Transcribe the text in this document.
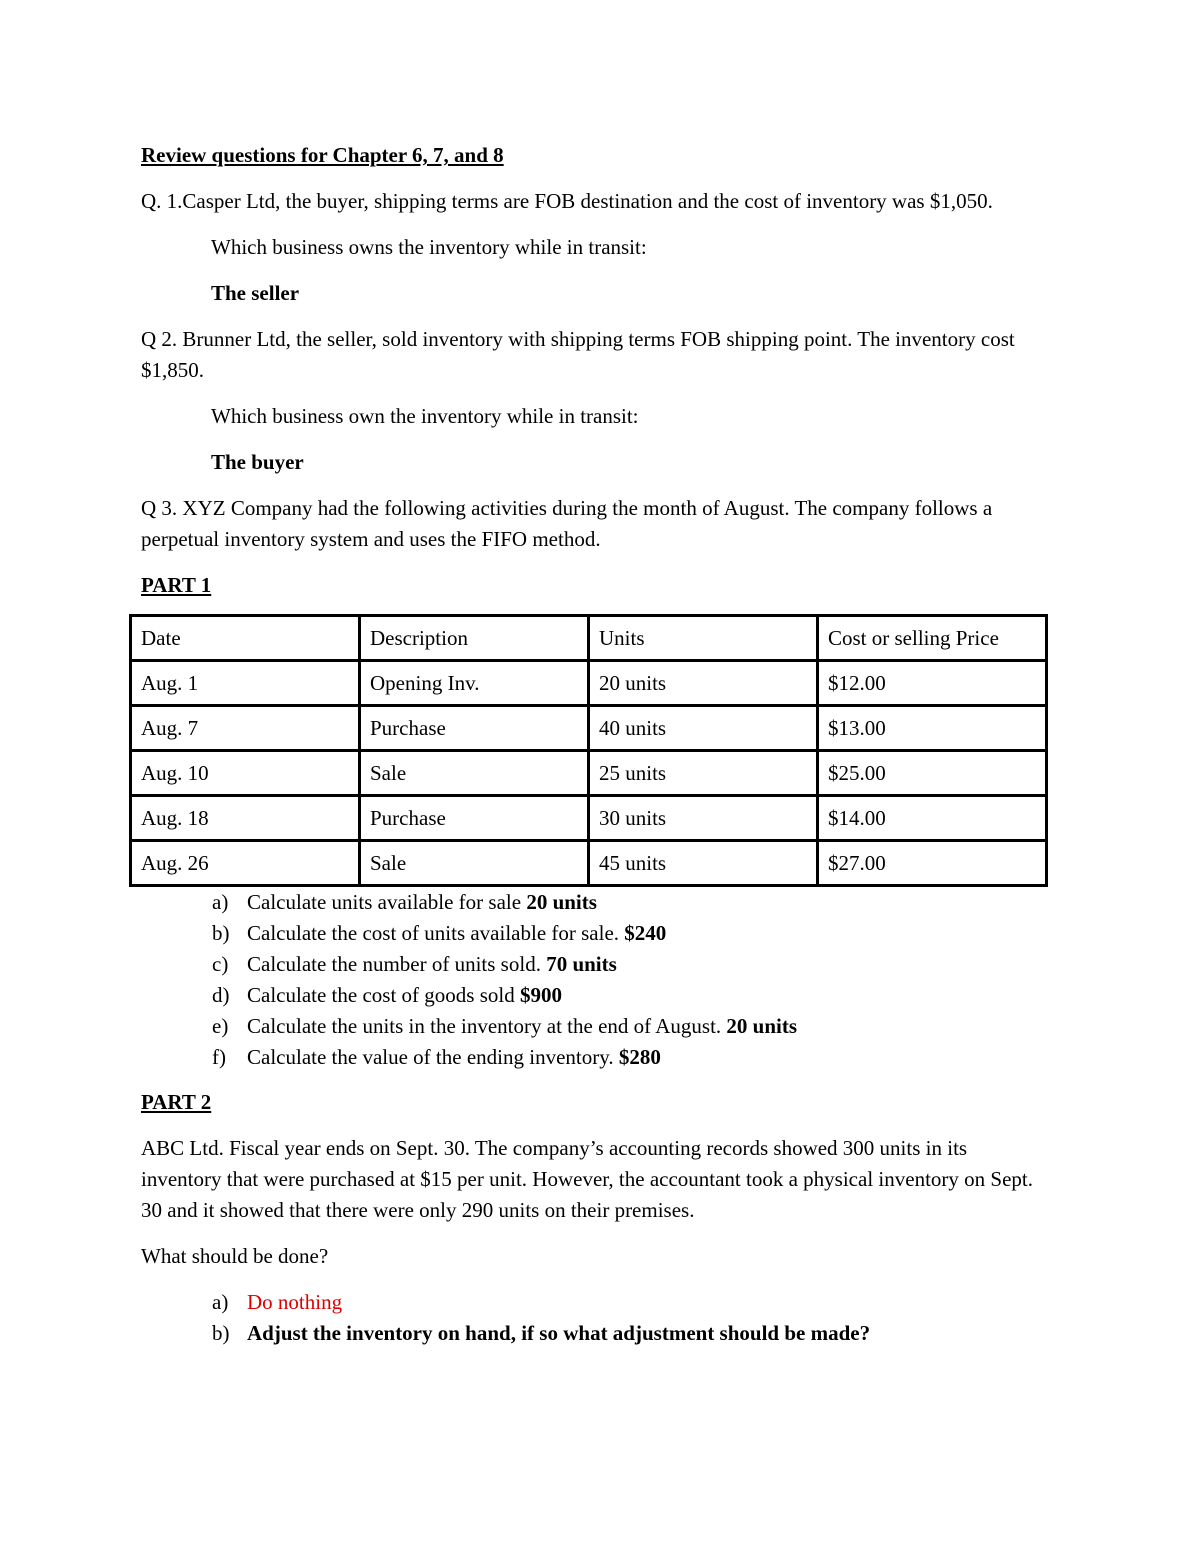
Review questions for Chapter 6, 7, and 8

Q. 1.Casper Ltd, the buyer, shipping terms are FOB destination and the cost of inventory was $1,050.

Which business owns the inventory while in transit:

The seller

Q 2. Brunner Ltd, the seller, sold inventory with shipping terms FOB shipping point. The inventory cost $1,850.

Which business own the inventory while in transit:

The buyer

Q 3. XYZ Company had the following activities during the month of August. The company follows a perpetual inventory system and uses the FIFO method.

PART 1

Date	Description	Units	Cost or selling Price
Aug. 1	Opening Inv.	20 units	$12.00
Aug. 7	Purchase	40 units	$13.00
Aug. 10	Sale	25 units	$25.00
Aug. 18	Purchase	30 units	$14.00
Aug. 26	Sale	45 units	$27.00
a) Calculate units available for sale 20 units
b) Calculate the cost of units available for sale. $240
c) Calculate the number of units sold. 70 units
d) Calculate the cost of goods sold $900
e) Calculate the units in the inventory at the end of August. 20 units
f)	Calculate the value of the ending inventory. $280

PART 2

ABC Ltd. Fiscal year ends on Sept. 30. The company’s accounting records showed 300 units in its inventory that were purchased at $15 per unit. However, the accountant took a physical inventory on Sept. 30 and it showed that there were only 290 units on their premises.

What should be done?

a) Do nothing
b) Adjust the inventory on hand, if so what adjustment should be made?
